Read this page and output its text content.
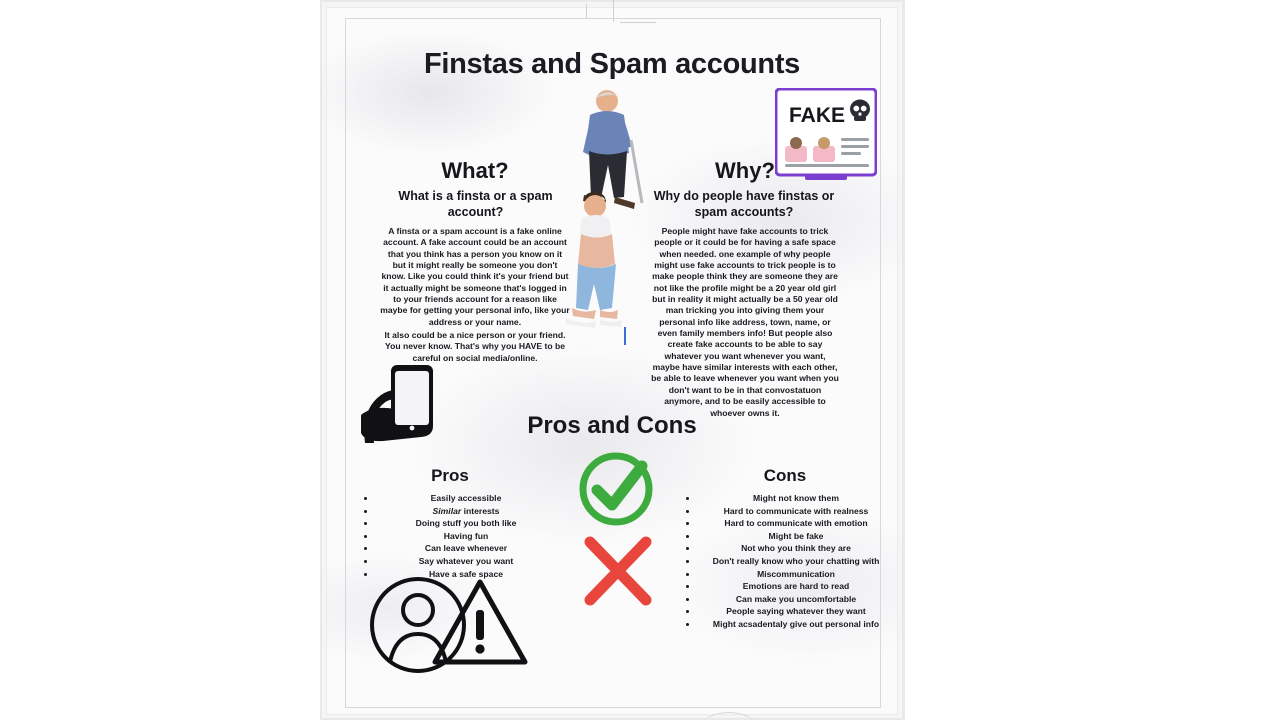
Finstas and Spam accounts
What?
What is a finsta or a spam account?
A finsta or a spam account is a fake online account. A fake account could be an account that you think has a person you know on it but it might really be someone you don't know. Like you could think it's your friend but it actually might be someone that's logged in to your friends account for a reason like maybe for getting your personal info, like your address or your name.
It also could be a nice person or your friend. You never know. That's why you HAVE to be careful on social media/online.
Why?
Why do people have finstas or spam accounts?
People might have fake accounts to trick people or it could be for having a safe space when needed. one example of why people might use fake accounts to trick people is to make people think they are someone they are not like the profile might be a 20 year old girl but in reality it might actually be a 50 year old man tricking you into giving them your personal info like address, town, name, or even family members info! But people also create fake accounts to be able to say whatever you want whenever you want, maybe have similar interests with each other, be able to leave whenever you want when you don't want to be in that convostatuon anymore, and to be easily accessible to whoever owns it.
FAKE
Pros and Cons
Pros
• Easily accessible
• Similar interests
• Doing stuff you both like
• Having fun
• Can leave whenever
• Say whatever you want
• Have a safe space
Cons
• Might not know them
• Hard to communicate with realness
• Hard to communicate with emotion
• Might be fake
• Not who you think they are
• Don't really know who your chatting with
• Miscommunication
• Emotions are hard to read
• Can make you uncomfortable
• People saying whatever they want
• Might acsadentaly give out personal info
